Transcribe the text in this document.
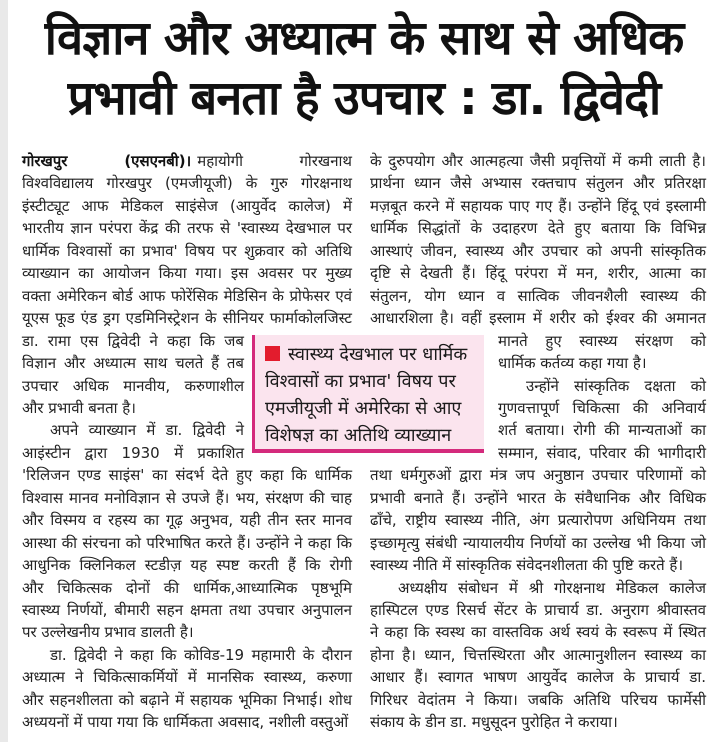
विज्ञान और अध्यात्म के साथ से अधिक
प्रभावी बनता है उपचार : डा. द्विवेदी
गोरखपुर (एसएनबी)। महायोगी गोरखनाथ
विश्वविद्यालय गोरखपुर (एमजीयूजी) के गुरु गोरक्षनाथ
इंस्टीट्यूट आफ मेडिकल साइंसेज (आयुर्वेद कालेज) में
भारतीय ज्ञान परंपरा केंद्र की तरफ से 'स्वास्थ्य देखभाल पर
धार्मिक विश्वासों का प्रभाव' विषय पर शुक्रवार को अतिथि
व्याख्यान का आयोजन किया गया। इस अवसर पर मुख्य
वक्ता अमेरिकन बोर्ड आफ फोरेंसिक मेडिसिन के प्रोफेसर एवं
यूएस फूड एंड ड्रग एडमिनिस्ट्रेशन के सीनियर फार्माकोलजिस्ट
डा. रामा एस द्विवेदी ने कहा कि जब
विज्ञान और अध्यात्म साथ चलते हैं तब
उपचार अधिक मानवीय, करुणाशील
और प्रभावी बनता है।
अपने व्याख्यान में डा. द्विवेदी ने
आइंस्टीन द्वारा 1930 में प्रकाशित
'रिलिजन एण्ड साइंस' का संदर्भ देते हुए कहा कि धार्मिक
विश्वास मानव मनोविज्ञान से उपजे हैं। भय, संरक्षण की चाह
और विस्मय व रहस्य का गूढ़ अनुभव, यही तीन स्तर मानव
आस्था की संरचना को परिभाषित करते हैं। उन्होंने ने कहा कि
आधुनिक क्लिनिकल स्टडीज़ यह स्पष्ट करती हैं कि रोगी
और चिकित्सक दोनों की धार्मिक,आध्यात्मिक पृष्ठभूमि
स्वास्थ्य निर्णयों, बीमारी सहन क्षमता तथा उपचार अनुपालन
पर उल्लेखनीय प्रभाव डालती है।
डा. द्विवेदी ने कहा कि कोविड-19 महामारी के दौरान
अध्यात्म ने चिकित्साकर्मियों में मानसिक स्वास्थ्य, करुणा
और सहनशीलता को बढ़ाने में सहायक भूमिका निभाई। शोध
अध्ययनों में पाया गया कि धार्मिकता अवसाद, नशीली वस्तुओं
के दुरुपयोग और आत्महत्या जैसी प्रवृत्तियों में कमी लाती है।
प्रार्थना ध्यान जैसे अभ्यास रक्तचाप संतुलन और प्रतिरक्षा
मज़बूत करने में सहायक पाए गए हैं। उन्होंने हिंदू एवं इस्लामी
धार्मिक सिद्धांतों के उदाहरण देते हुए बताया कि विभिन्न
आस्थाएं जीवन, स्वास्थ्य और उपचार को अपनी सांस्कृतिक
दृष्टि से देखती हैं। हिंदू परंपरा में मन, शरीर, आत्मा का
संतुलन, योग ध्यान व सात्विक जीवनशैली स्वास्थ्य की
आधारशिला है। वहीं इस्लाम में शरीर को ईश्वर की अमानत
मानते हुए स्वास्थ्य संरक्षण को
धार्मिक कर्तव्य कहा गया है।
उन्होंने सांस्कृतिक दक्षता को
गुणवत्तापूर्ण चिकित्सा की अनिवार्य
शर्त बताया। रोगी की मान्यताओं का
सम्मान, संवाद, परिवार की भागीदारी
तथा धर्मगुरुओं द्वारा मंत्र जप अनुष्ठान उपचार परिणामों को
प्रभावी बनाते हैं। उन्होंने भारत के संवैधानिक और विधिक
ढाँचे, राष्ट्रीय स्वास्थ्य नीति, अंग प्रत्यारोपण अधिनियम तथा
इच्छामृत्यु संबंधी न्यायालयीय निर्णयों का उल्लेख भी किया जो
स्वास्थ्य नीति में सांस्कृतिक संवेदनशीलता की पुष्टि करते हैं।
अध्यक्षीय संबोधन में श्री गोरक्षनाथ मेडिकल कालेज
हास्पिटल एण्ड रिसर्च सेंटर के प्राचार्य डा. अनुराग श्रीवास्तव
ने कहा कि स्वस्थ का वास्तविक अर्थ स्वयं के स्वरूप में स्थित
होना है। ध्यान, चित्तस्थिरता और आत्मानुशीलन स्वास्थ्य का
आधार हैं। स्वागत भाषण आयुर्वेद कालेज के प्राचार्य डा.
गिरिधर वेदांतम ने किया। जबकि अतिथि परिचय फार्मेसी
संकाय के डीन डा. मधुसूदन पुरोहित ने कराया।
स्वास्थ्य देखभाल पर धार्मिक
विश्वासों का प्रभाव' विषय पर
एमजीयूजी में अमेरिका से आए
विशेषज्ञ का अतिथि व्याख्यान
